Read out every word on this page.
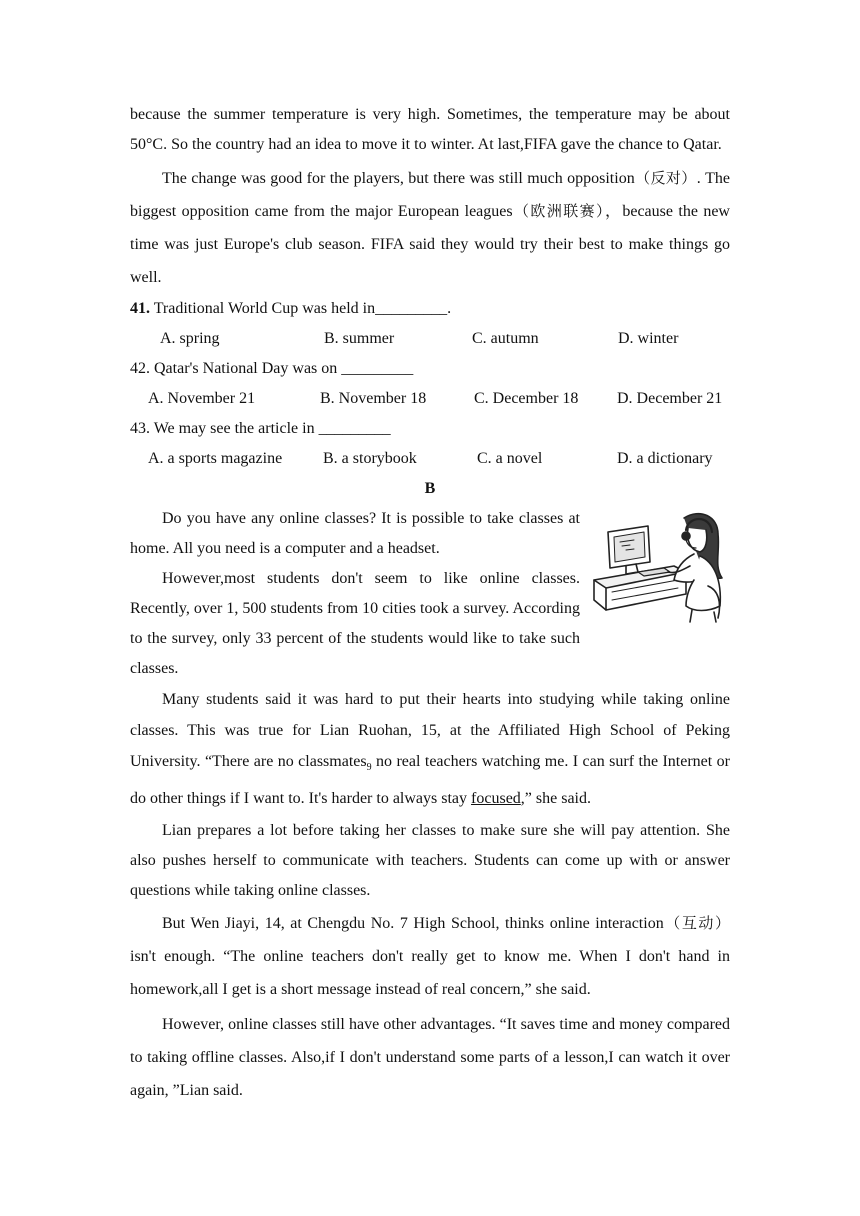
because the summer temperature is very high. Sometimes, the temperature may be about 50°C. So the country had an idea to move it to winter. At last,FIFA gave the chance to Qatar.

The change was good for the players, but there was still much opposition（反对）. The biggest opposition came from the major European leagues（欧洲联赛），because the new time was just Europe's club season. FIFA said they would try their best to make things go well.

41. Traditional World Cup was held in_________.
A. spring	B. summer	C. autumn	D. winter
42. Qatar's National Day was on _________
A. November 21	B. November 18	C. December 18	D. December 21
43. We may see the article in _________
A. a sports magazine	B. a storybook	C. a novel	D. a dictionary
B

Do you have any online classes? It is possible to take classes at home. All you need is a computer and a headset.

However,most students don't seem to like online classes. Recently, over 1, 500 students from 10 cities took a survey. According to the survey, only 33 percent of the students would like to take such classes.

Many students said it was hard to put their hearts into studying while taking online classes. This was true for Lian Ruohan, 15, at the Affiliated High School of Peking University. “There are no classmates$_9$ no real teachers watching me. I can surf the Internet or do other things if I want to. It's harder to always stay focused,” she said.

Lian prepares a lot before taking her classes to make sure she will pay attention. She also pushes herself to communicate with teachers. Students can come up with or answer questions while taking online classes.

But Wen Jiayi, 14, at Chengdu No. 7 High School, thinks online interaction（互动） isn't enough. “The online teachers don't really get to know me. When I don't hand in homework,all I get is a short message instead of real concern,” she said.

However, online classes still have other advantages. “It saves time and money compared to taking offline classes. Also,if I don't understand some parts of a lesson,I can watch it over again, ”Lian said.
